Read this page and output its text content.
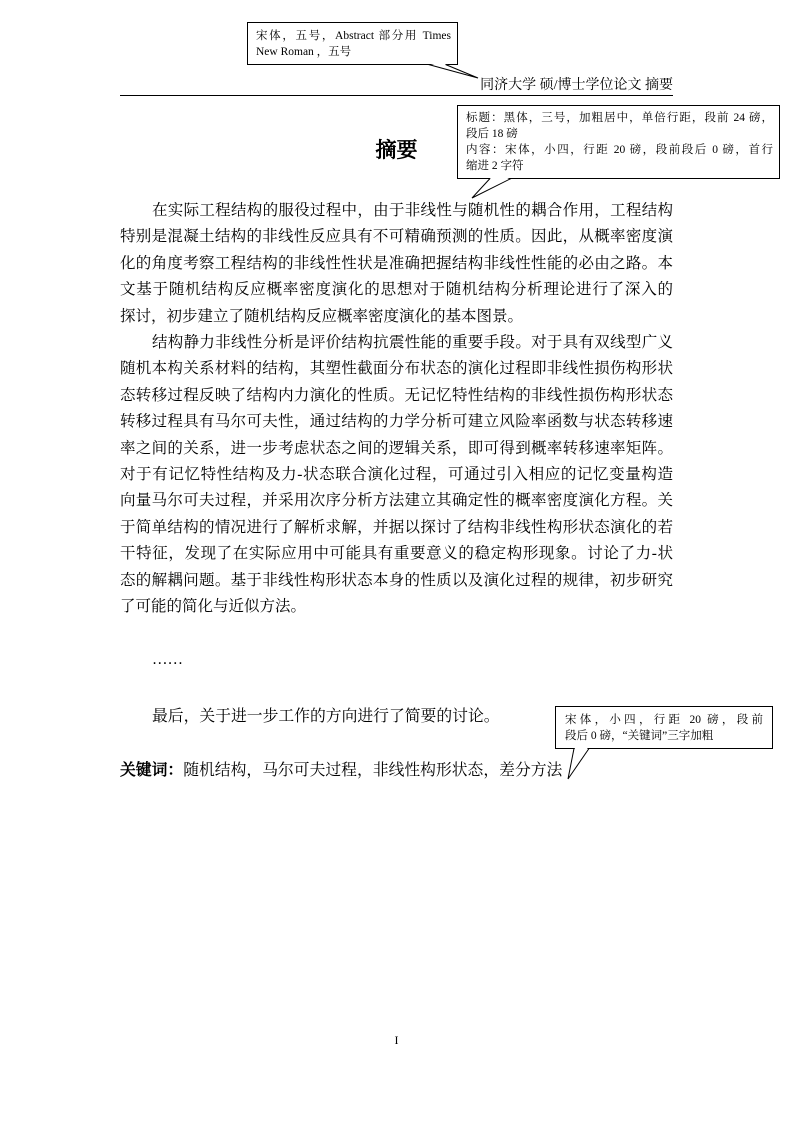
宋体，五号，Abstract 部分用 Times
New Roman ，五号
同济大学 硕/博士学位论文 摘要
标题：黑体，三号，加粗居中，单倍行距，段前 24 磅，
段后 18 磅
内容：宋体，小四，行距 20 磅，段前段后 0 磅，首行
缩进 2 字符
摘要
在实际工程结构的服役过程中，由于非线性与随机性的耦合作用，工程结构
特别是混凝土结构的非线性反应具有不可精确预测的性质。因此，从概率密度演
化的角度考察工程结构的非线性性状是准确把握结构非线性性能的必由之路。本
文基于随机结构反应概率密度演化的思想对于随机结构分析理论进行了深入的
探讨，初步建立了随机结构反应概率密度演化的基本图景。
结构静力非线性分析是评价结构抗震性能的重要手段。对于具有双线型广义
随机本构关系材料的结构，其塑性截面分布状态的演化过程即非线性损伤构形状
态转移过程反映了结构内力演化的性质。无记忆特性结构的非线性损伤构形状态
转移过程具有马尔可夫性，通过结构的力学分析可建立风险率函数与状态转移速
率之间的关系，进一步考虑状态之间的逻辑关系，即可得到概率转移速率矩阵。
对于有记忆特性结构及力-状态联合演化过程，可通过引入相应的记忆变量构造
向量马尔可夫过程，并采用次序分析方法建立其确定性的概率密度演化方程。关
于简单结构的情况进行了解析求解，并据以探讨了结构非线性构形状态演化的若
干特征，发现了在实际应用中可能具有重要意义的稳定构形现象。讨论了力-状
态的解耦问题。基于非线性构形状态本身的性质以及演化过程的规律，初步研究
了可能的简化与近似方法。
……
最后，关于进一步工作的方向进行了简要的讨论。	宋体，小四，行距 20 磅，段前
段后 0 磅，“关键词”三字加粗
关键词：随机结构，马尔可夫过程，非线性构形状态，差分方法
I
